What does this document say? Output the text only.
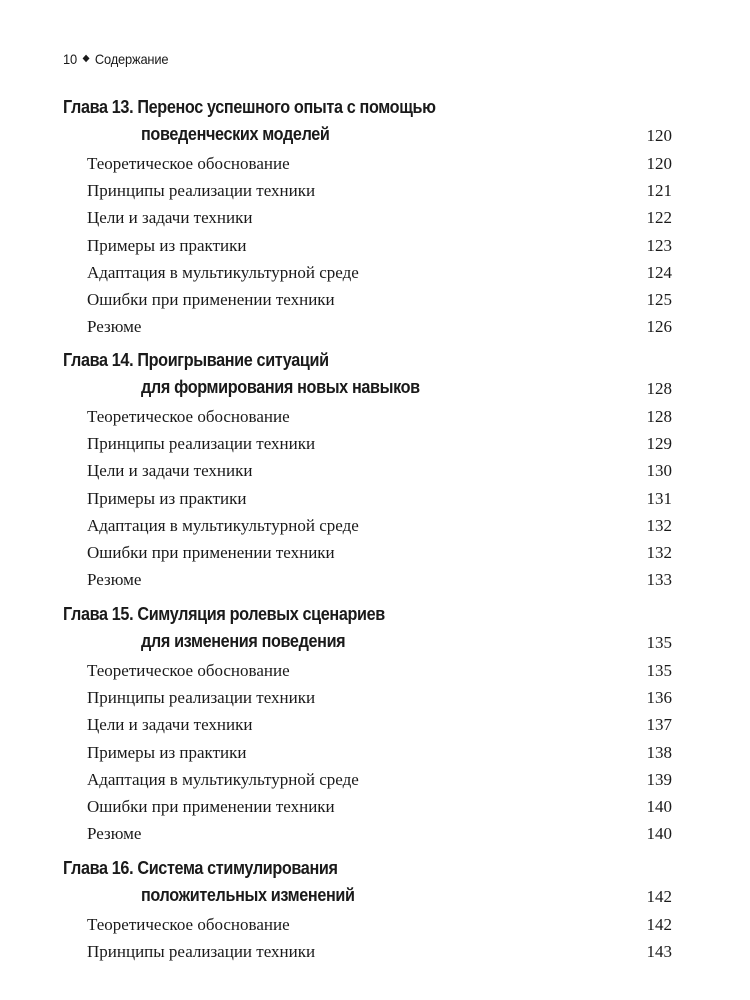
10 ◆ Содержание
Глава 13. Перенос успешного опыта с помощью
поведенческих моделей	120
Теоретическое обоснование	120
Принципы реализации техники	121
Цели и задачи техники	122
Примеры из практики	123
Адаптация в мультикультурной среде	124
Ошибки при применении техники	125
Резюме	126
Глава 14. Проигрывание ситуаций
для формирования новых навыков	128
Теоретическое обоснование	128
Принципы реализации техники	129
Цели и задачи техники	130
Примеры из практики	131
Адаптация в мультикультурной среде	132
Ошибки при применении техники	132
Резюме	133
Глава 15. Симуляция ролевых сценариев
для изменения поведения	135
Теоретическое обоснование	135
Принципы реализации техники	136
Цели и задачи техники	137
Примеры из практики	138
Адаптация в мультикультурной среде	139
Ошибки при применении техники	140
Резюме	140
Глава 16. Система стимулирования
положительных изменений	142
Теоретическое обоснование	142
Принципы реализации техники	143
